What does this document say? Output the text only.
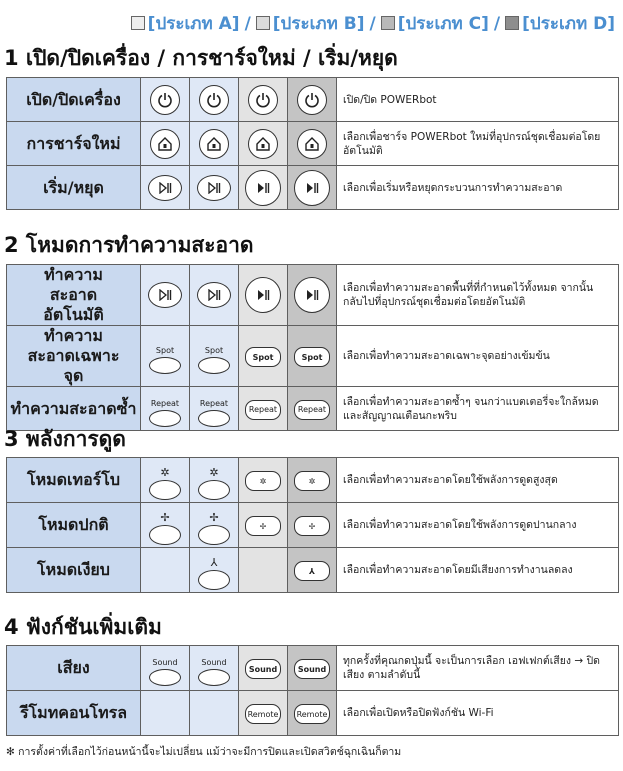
[ประเภท A] / [ประเภท B] / [ประเภท C] / [ประเภท D]
1 เปิด/ปิดเครื่อง / การชาร์จใหม่ / เริ่ม/หยุด
เปิด/ปิดเครื่อง					เปิด/ปิด POWERbot
การชาร์จใหม่					เลือกเพื่อชาร์จ POWERbot ใหม่ที่อุปกรณ์ชุดเชื่อมต่อโดยอัตโนมัติ
เริ่ม/หยุด					เลือกเพื่อเริ่มหรือหยุดกระบวนการทำความสะอาด
2 โหมดการทำความสะอาด
ทำความสะอาดอัตโนมัติ					เลือกเพื่อทำความสะอาดพื้นที่ที่กำหนดไว้ทั้งหมด จากนั้นกลับไปที่อุปกรณ์ชุดเชื่อมต่อโดยอัตโนมัติ
ทำความสะอาดเฉพาะจุด	Spot	Spot	Spot	Spot	เลือกเพื่อทำความสะอาดเฉพาะจุดอย่างเข้มข้น
ทำความสะอาดซ้ำ	Repeat	Repeat	Repeat	Repeat	เลือกเพื่อทำความสะอาดซ้ำๆ จนกว่าแบตเตอรี่จะใกล้หมดและสัญญาณเตือนกะพริบ
3 พลังการดูด
โหมดเทอร์โบ	✲	✲	✲	✲	เลือกเพื่อทำความสะอาดโดยใช้พลังการดูดสูงสุด
โหมดปกติ	✢	✢	✢	✢	เลือกเพื่อทำความสะอาดโดยใช้พลังการดูดปานกลาง
โหมดเงียบ		⅄		⅄	เลือกเพื่อทำความสะอาดโดยมีเสียงการทำงานลดลง
4 ฟังก์ชันเพิ่มเติม
เสียง	Sound	Sound	Sound	Sound	ทุกครั้งที่คุณกดปุ่มนี้ จะเป็นการเลือก เอฟเฟกต์เสียง → ปิดเสียง ตามลำดับนี้
รีโมทคอนโทรล			Remote	Remote	เลือกเพื่อเปิดหรือปิดฟังก์ชัน Wi-Fi
✻ การตั้งค่าที่เลือกไว้ก่อนหน้านี้จะไม่เปลี่ยน แม้ว่าจะมีการปิดและเปิดสวิตช์ฉุกเฉินก็ตาม
